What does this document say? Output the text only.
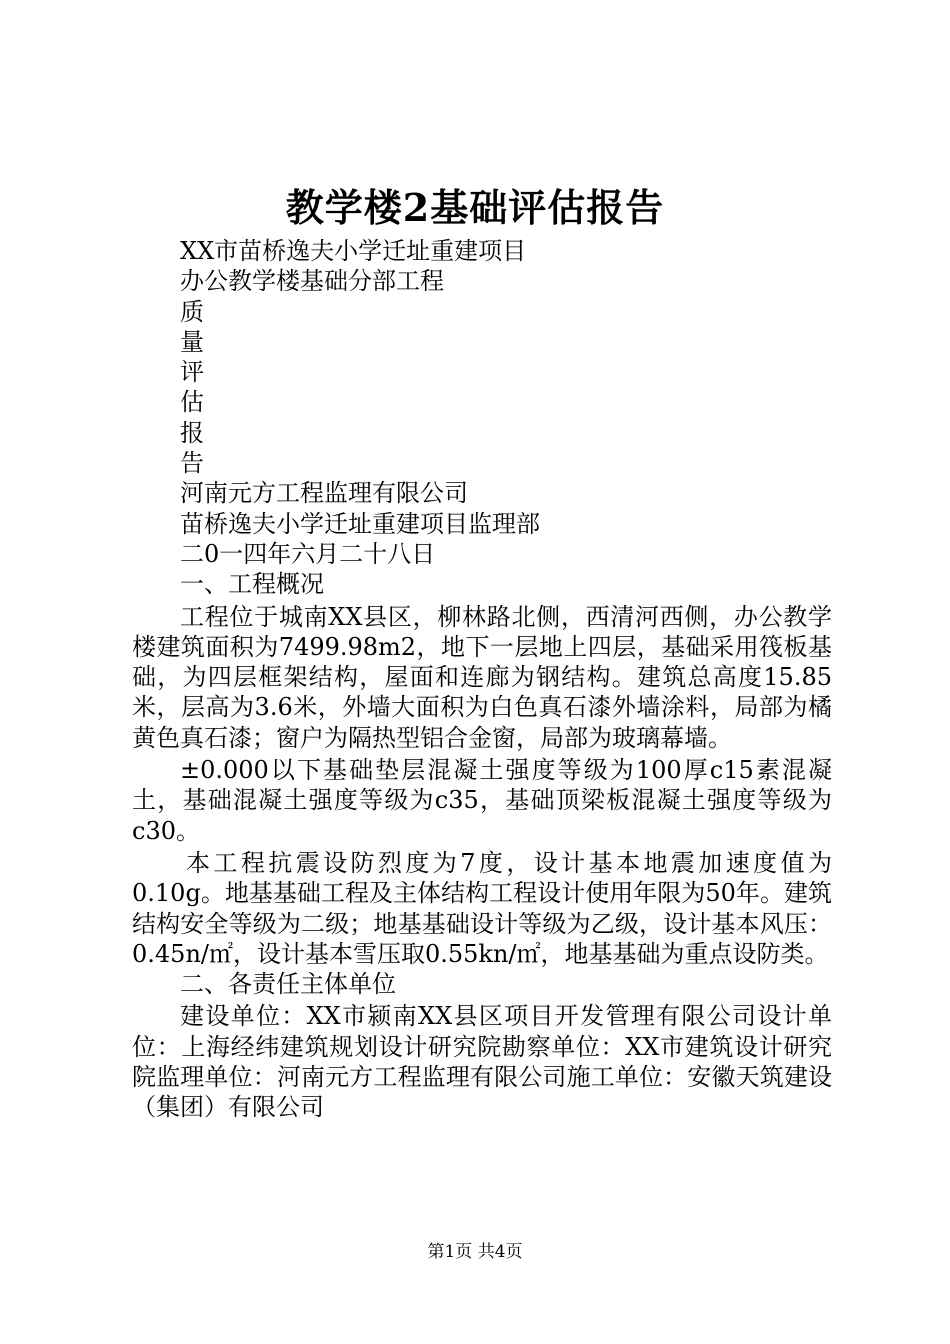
教学楼2基础评估报告
XX市苗桥逸夫小学迁址重建项目
办公教学楼基础分部工程
质
量
评
估
报
告
河南元方工程监理有限公司
苗桥逸夫小学迁址重建项目监理部
二0一四年六月二十八日
一、工程概况
工程位于城南XX县区，柳林路北侧，西清河西侧，办公教学楼建筑面积为7499.98m2，地下一层地上四层，基础采用筏板基础，为四层框架结构，屋面和连廊为钢结构。建筑总高度15.85米，层高为3.6米，外墙大面积为白色真石漆外墙涂料，局部为橘黄色真石漆；窗户为隔热型铝合金窗，局部为玻璃幕墙。
±0.000以下基础垫层混凝土强度等级为100厚c15素混凝土，基础混凝土强度等级为c35，基础顶梁板混凝土强度等级为c30。
本工程抗震设防烈度为7度，设计基本地震加速度值为0.10g。地基基础工程及主体结构工程设计使用年限为50年。建筑结构安全等级为二级；地基基础设计等级为乙级，设计基本风压：0.45n/㎡，设计基本雪压取0.55kn/㎡，地基基础为重点设防类。
二、各责任主体单位
建设单位：XX市颍南XX县区项目开发管理有限公司设计单位：上海经纬建筑规划设计研究院勘察单位：XX市建筑设计研究院监理单位：河南元方工程监理有限公司施工单位：安徽天筑建设（集团）有限公司
第1页 共4页
